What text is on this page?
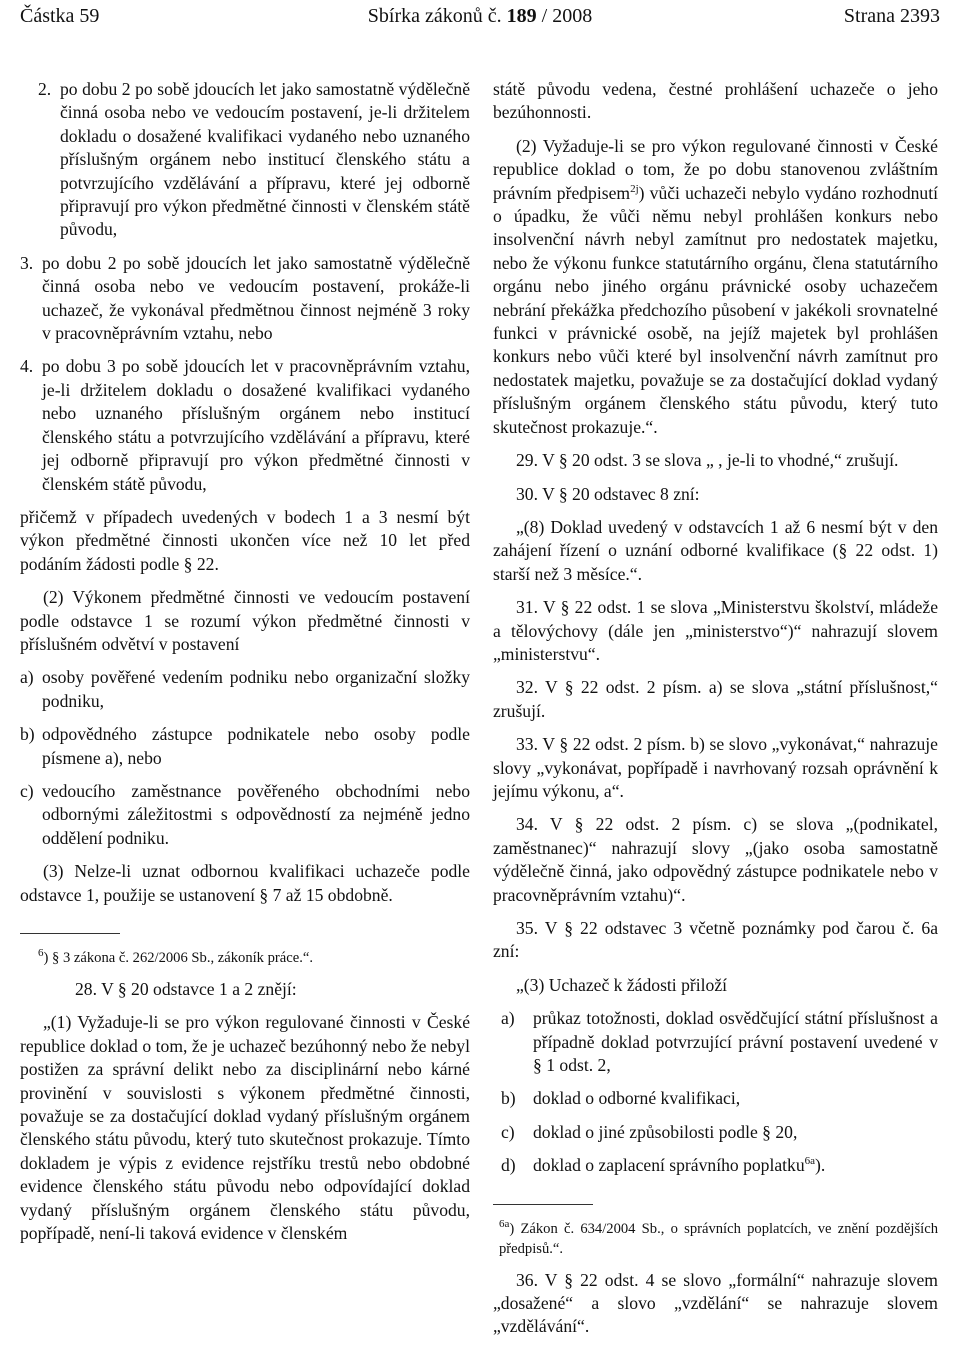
Částka 59	Sbírka zákonů č. 189 / 2008	Strana 2393
2. po dobu 2 po sobě jdoucích let jako samostatně výdělečně činná osoba nebo ve vedoucím postavení, je-li držitelem dokladu o dosažené kvalifikaci vydaného nebo uznaného příslušným orgánem nebo institucí členského státu a potvrzujícího vzdělávání a přípravu, které jej odborně připravují pro výkon předmětné činnosti v členském státě původu,
3. po dobu 2 po sobě jdoucích let jako samostatně výdělečně činná osoba nebo ve vedoucím postavení, prokáže-li uchazeč, že vykonával předmětnou činnost nejméně 3 roky v pracovněprávním vztahu, nebo
4. po dobu 3 po sobě jdoucích let v pracovněprávním vztahu, je-li držitelem dokladu o dosažené kvalifikaci vydaného nebo uznaného příslušným orgánem nebo institucí členského státu a potvrzujícího vzdělávání a přípravu, které jej odborně připravují pro výkon předmětné činnosti v členském státě původu,

přičemž v případech uvedených v bodech 1 a 3 nesmí být výkon předmětné činnosti ukončen více než 10 let před podáním žádosti podle § 22.

(2) Výkonem předmětné činnosti ve vedoucím postavení podle odstavce 1 se rozumí výkon předmětné činnosti v příslušném odvětví v postavení

a) osoby pověřené vedením podniku nebo organizační složky podniku,
b) odpovědného zástupce podnikatele nebo osoby podle písmene a), nebo
c) vedoucího zaměstnance pověřeného obchodními nebo odbornými záležitostmi s odpovědností za nejméně jedno oddělení podniku.

(3) Nelze-li uznat odbornou kvalifikaci uchazeče podle odstavce 1, použije se ustanovení § 7 až 15 obdobně.

$^6$) § 3 zákona č. 262/2006 Sb., zákoník práce.“.

28. V § 20 odstavce 1 a 2 znějí:

„(1) Vyžaduje-li se pro výkon regulované činnosti v České republice doklad o tom, že je uchazeč bezúhonný nebo že nebyl postižen za správní delikt nebo za disciplinární nebo kárné provinění v souvislosti s výkonem předmětné činnosti, považuje se za dostačující doklad vydaný příslušným orgánem členského státu původu, který tuto skutečnost prokazuje. Tímto dokladem je výpis z evidence rejstříku trestů nebo obdobné evidence členského státu původu nebo odpovídající doklad vydaný příslušným orgánem členského státu původu, popřípadě, není-li taková evidence v členském

státě původu vedena, čestné prohlášení uchazeče o jeho bezúhonnosti.

(2) Vyžaduje-li se pro výkon regulované činnosti v České republice doklad o tom, že po dobu stanovenou zvláštním právním předpisem$^{2j}$) vůči uchazeči nebylo vydáno rozhodnutí o úpadku, že vůči němu nebyl prohlášen konkurs nebo insolvenční návrh nebyl zamítnut pro nedostatek majetku, nebo že výkonu funkce statutárního orgánu, člena statutárního orgánu nebo jiného orgánu právnické osoby uchazečem nebrání překážka předchozího působení v jakékoli srovnatelné funkci v právnické osobě, na jejíž majetek byl prohlášen konkurs nebo vůči které byl insolvenční návrh zamítnut pro nedostatek majetku, považuje se za dostačující doklad vydaný příslušným orgánem členského státu původu, který tuto skutečnost prokazuje.“.

29. V § 20 odst. 3 se slova „ , je-li to vhodné,“ zrušují.

30. V § 20 odstavec 8 zní:

„(8) Doklad uvedený v odstavcích 1 až 6 nesmí být v den zahájení řízení o uznání odborné kvalifikace (§ 22 odst. 1) starší než 3 měsíce.“.

31. V § 22 odst. 1 se slova „Ministerstvu školství, mládeže a tělovýchovy (dále jen „ministerstvo“)“ nahrazují slovem „ministerstvu“.

32. V § 22 odst. 2 písm. a) se slova „státní příslušnost,“ zrušují.

33. V § 22 odst. 2 písm. b) se slovo „vykonávat,“ nahrazuje slovy „vykonávat, popřípadě i navrhovaný rozsah oprávnění k jejímu výkonu, a“.

34. V § 22 odst. 2 písm. c) se slova „(podnikatel, zaměstnanec)“ nahrazují slovy „(jako osoba samostatně výdělečně činná, jako odpovědný zástupce podnikatele nebo v pracovněprávním vztahu)“.

35. V § 22 odstavec 3 včetně poznámky pod čarou č. 6a zní:

„(3) Uchazeč k žádosti přiloží

a) průkaz totožnosti, doklad osvědčující státní příslušnost a případně doklad potvrzující právní postavení uvedené v § 1 odst. 2,
b) doklad o odborné kvalifikaci,
c) doklad o jiné způsobilosti podle § 20,
d) doklad o zaplacení správního poplatku$^{6a}$).

$^{6a}$) Zákon č. 634/2004 Sb., o správních poplatcích, ve znění pozdějších předpisů.“.

36. V § 22 odst. 4 se slovo „formální“ nahrazuje slovem „dosažené“ a slovo „vzdělání“ se nahrazuje slovem „vzdělávání“.
